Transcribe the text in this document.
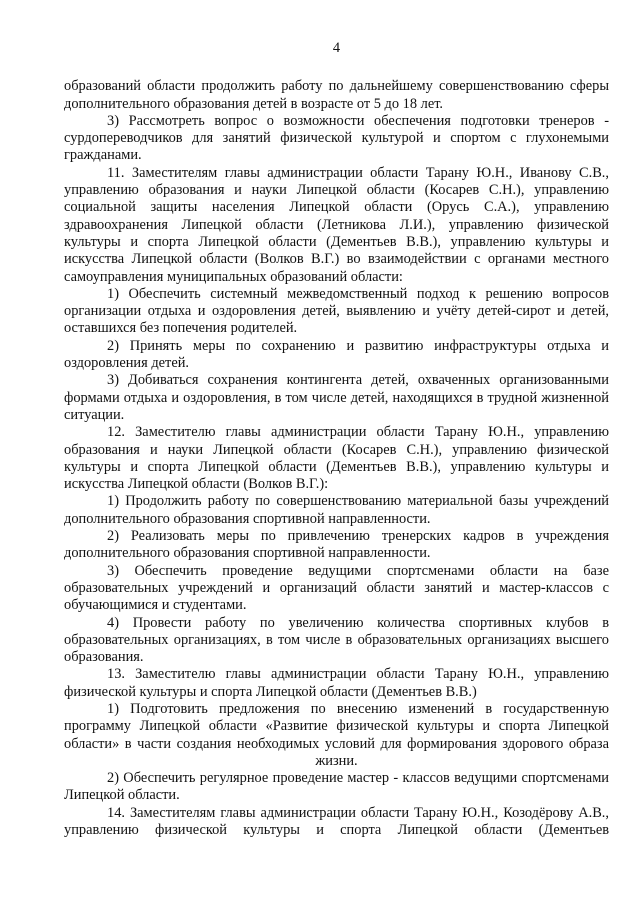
4

образований области продолжить работу по дальнейшему совершенствованию сферы дополнительного образования детей в возрасте от 5 до 18 лет.

3) Рассмотреть вопрос о возможности обеспечения подготовки тренеров - сурдопереводчиков для занятий физической культурой и спортом с глухонемыми гражданами.

11. Заместителям главы администрации области Тарану Ю.Н., Иванову С.В., управлению образования и науки Липецкой области (Косарев С.Н.), управлению социальной защиты населения Липецкой области (Орусь С.А.), управлению здравоохранения Липецкой области (Летникова Л.И.), управлению физической культуры и спорта Липецкой области (Дементьев В.В.), управлению культуры и искусства Липецкой области (Волков В.Г.) во взаимодействии с органами местного самоуправления муниципальных образований области:

1) Обеспечить системный межведомственный подход к решению вопросов организации отдыха и оздоровления детей, выявлению и учёту детей-сирот и детей, оставшихся без попечения родителей.

2) Принять меры по сохранению и развитию инфраструктуры отдыха и оздоровления детей.

3) Добиваться сохранения контингента детей, охваченных организованными формами отдыха и оздоровления, в том числе детей, находящихся в трудной жизненной ситуации.

12. Заместителю главы администрации области Тарану Ю.Н., управлению образования и науки Липецкой области (Косарев С.Н.), управлению физической культуры и спорта Липецкой области (Дементьев В.В.), управлению культуры и искусства Липецкой области (Волков В.Г.):

1) Продолжить работу по совершенствованию материальной базы учреждений дополнительного образования спортивной направленности.

2) Реализовать меры по привлечению тренерских кадров в учреждения дополнительного образования спортивной направленности.

3) Обеспечить проведение ведущими спортсменами области на базе образовательных учреждений и организаций области занятий и мастер-классов с обучающимися и студентами.

4) Провести работу по увеличению количества спортивных клубов в образовательных организациях, в том числе в образовательных организациях высшего образования.

13. Заместителю главы администрации области Тарану Ю.Н., управлению физической культуры и спорта Липецкой области (Дементьев В.В.)

1) Подготовить предложения по внесению изменений в государственную программу Липецкой области «Развитие физической культуры и спорта Липецкой области» в части создания необходимых условий для формирования здорового образа жизни.

2) Обеспечить регулярное проведение мастер - классов ведущими спортсменами Липецкой области.

14. Заместителям главы администрации области Тарану Ю.Н., Козодёрову А.В., управлению физической культуры и спорта Липецкой области (Дементьев
